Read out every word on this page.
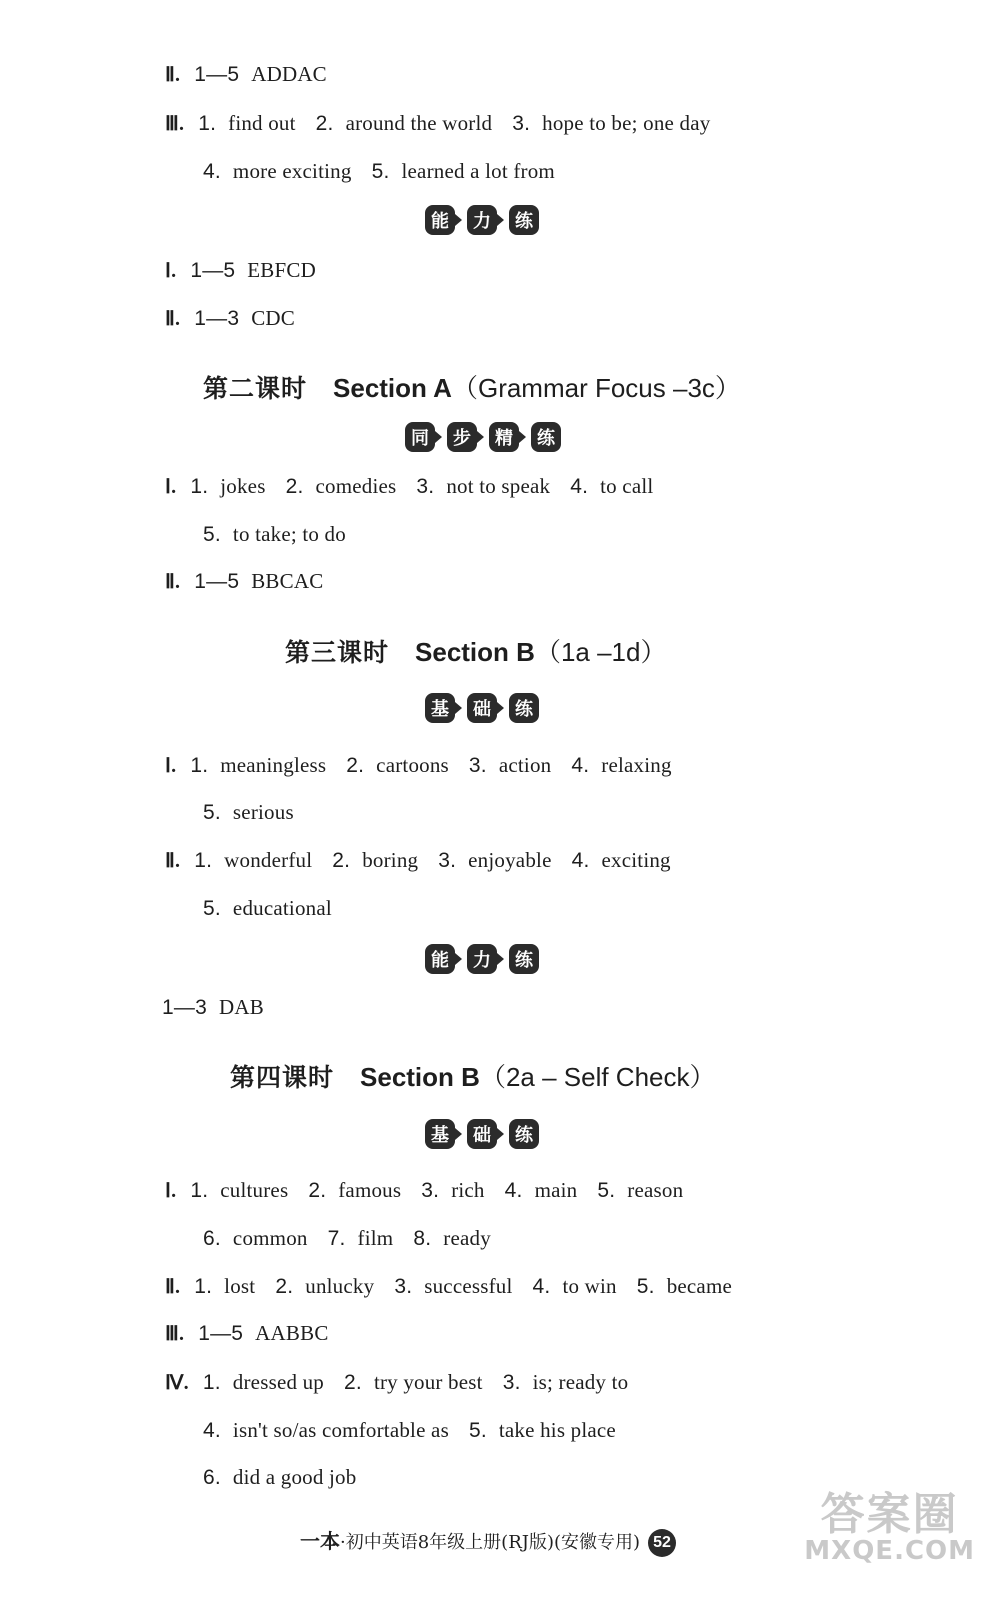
Ⅱ. 1—5 ADDAC
Ⅲ. 1. find out 2. around the world 3. hope to be; one day
4. more exciting 5. learned a lot from
Ⅰ. 1—5 EBFCD
Ⅱ. 1—3 CDC
Ⅰ. 1. jokes 2. comedies 3. not to speak 4. to call
5. to take; to do
Ⅱ. 1—5 BBCAC
Ⅰ. 1. meaningless 2. cartoons 3. action 4. relaxing
5. serious
Ⅱ. 1. wonderful 2. boring 3. enjoyable 4. exciting
5. educational
1—3 DAB
Ⅰ. 1. cultures 2. famous 3. rich 4. main 5. reason
6. common 7. film 8. ready
Ⅱ. 1. lost 2. unlucky 3. successful 4. to win 5. became
Ⅲ. 1—5 AABBC
Ⅳ. 1. dressed up 2. try your best 3. is; ready to
4. isn't so/as comfortable as 5. take his place
6. did a good job
第二课时 Section A（Grammar Focus –3c）
第三课时 Section B（1a –1d）
第四课时 Section B（2a – Self Check）
能	力	练
同	步	精	练
基	础	练
能	力	练
基	础	练
一本·初中英语8年级上册(RJ版)(安徽专用) 52
答案圈
MXQE.COM
